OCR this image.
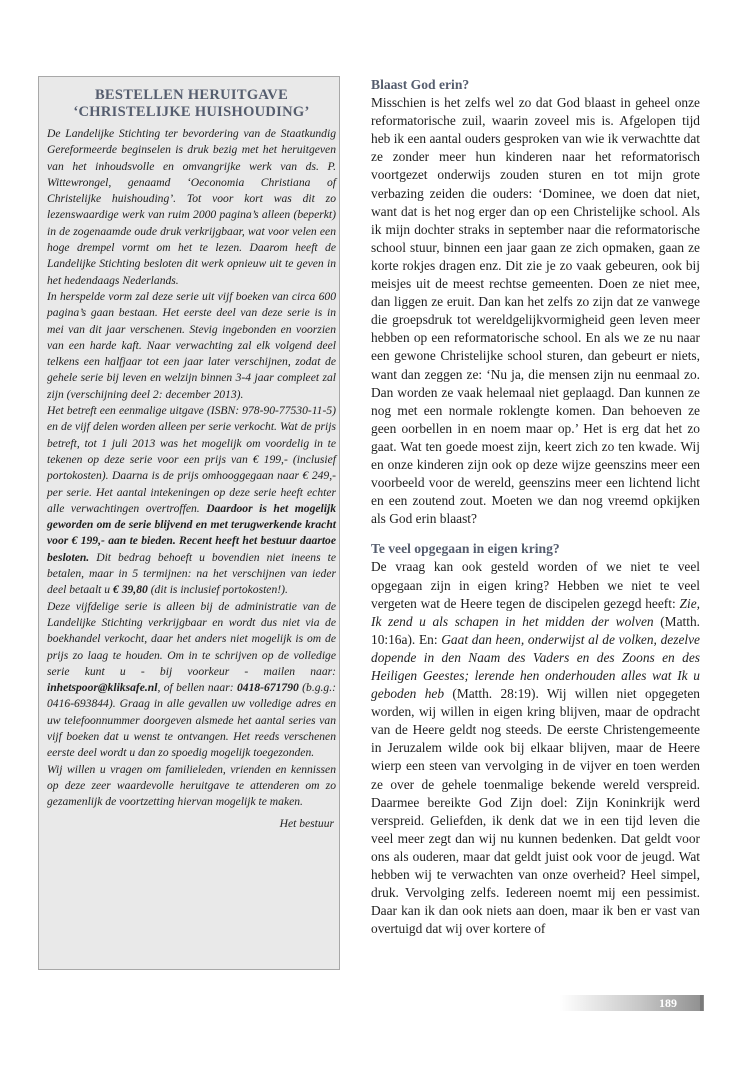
BESTELLEN HERUITGAVE
‘CHRISTELIJKE HUISHOUDING’

De Landelijke Stichting ter bevordering van de Staatkundig Gereformeerde beginselen is druk bezig met het heruitgeven van het inhoudsvolle en omvangrijke werk van ds. P. Wittewrongel, genaamd ‘Oeconomia Christiana of Christelijke huishouding’. Tot voor kort was dit zo lezenswaardige werk van ruim 2000 pagina’s alleen (beperkt) in de zogenaamde oude druk verkrijgbaar, wat voor velen een hoge drempel vormt om het te lezen. Daarom heeft de Landelijke Stichting besloten dit werk opnieuw uit te geven in het hedendaags Nederlands.

In herspelde vorm zal deze serie uit vijf boeken van circa 600 pagina’s gaan bestaan. Het eerste deel van deze serie is in mei van dit jaar verschenen. Stevig ingebonden en voorzien van een harde kaft. Naar verwachting zal elk volgend deel telkens een halfjaar tot een jaar later verschijnen, zodat de gehele serie bij leven en welzijn binnen 3-4 jaar compleet zal zijn (verschijning deel 2: december 2013).

Het betreft een eenmalige uitgave (ISBN: 978-90-77530-11-5) en de vijf delen worden alleen per serie verkocht. Wat de prijs betreft, tot 1 juli 2013 was het mogelijk om voordelig in te tekenen op deze serie voor een prijs van € 199,- (inclusief portokosten). Daarna is de prijs omhooggegaan naar € 249,- per serie. Het aantal intekeningen op deze serie heeft echter alle verwachtingen overtroffen. Daardoor is het mogelijk geworden om de serie blijvend en met terugwerkende kracht voor € 199,- aan te bieden. Recent heeft het bestuur daartoe besloten. Dit bedrag behoeft u bovendien niet ineens te betalen, maar in 5 termijnen: na het verschijnen van ieder deel betaalt u € 39,80 (dit is inclusief portokosten!).

Deze vijfdelige serie is alleen bij de administratie van de Landelijke Stichting verkrijgbaar en wordt dus niet via de boekhandel verkocht, daar het anders niet mogelijk is om de prijs zo laag te houden. Om in te schrijven op de volledige serie kunt u - bij voorkeur - mailen naar: inhetspoor@kliksafe.nl, of bellen naar: 0418-671790 (b.g.g.: 0416-693844). Graag in alle gevallen uw volledige adres en uw telefoonnummer doorgeven alsmede het aantal series van vijf boeken dat u wenst te ontvangen. Het reeds verschenen eerste deel wordt u dan zo spoedig mogelijk toegezonden.

Wij willen u vragen om familieleden, vrienden en kennissen op deze zeer waardevolle heruitgave te attenderen om zo gezamenlijk de voortzetting hiervan mogelijk te maken.

Het bestuur
Blaast God erin?

Misschien is het zelfs wel zo dat God blaast in geheel onze reformatorische zuil, waarin zoveel mis is. Afgelopen tijd heb ik een aantal ouders gesproken van wie ik verwachtte dat ze zonder meer hun kinderen naar het reformatorisch voortgezet onderwijs zouden sturen en tot mijn grote verbazing zeiden die ouders: ‘Dominee, we doen dat niet, want dat is het nog erger dan op een Christelijke school. Als ik mijn dochter straks in september naar die reformatorische school stuur, binnen een jaar gaan ze zich opmaken, gaan ze korte rokjes dragen enz. Dit zie je zo vaak gebeuren, ook bij meisjes uit de meest rechtse gemeenten. Doen ze niet mee, dan liggen ze eruit. Dan kan het zelfs zo zijn dat ze vanwege die groepsdruk tot wereldgelijkvormigheid geen leven meer hebben op een reformatorische school. En als we ze nu naar een gewone Christelijke school sturen, dan gebeurt er niets, want dan zeggen ze: ‘Nu ja, die mensen zijn nu eenmaal zo. Dan worden ze vaak helemaal niet geplaagd. Dan kunnen ze nog met een normale roklengte komen. Dan behoeven ze geen oorbellen in en noem maar op.’ Het is erg dat het zo gaat. Wat ten goede moest zijn, keert zich zo ten kwade. Wij en onze kinderen zijn ook op deze wijze geenszins meer een voorbeeld voor de wereld, geenszins meer een lichtend licht en een zoutend zout. Moeten we dan nog vreemd opkijken als God erin blaast?

Te veel opgegaan in eigen kring?

De vraag kan ook gesteld worden of we niet te veel opgegaan zijn in eigen kring? Hebben we niet te veel vergeten wat de Heere tegen de discipelen gezegd heeft: Zie, Ik zend u als schapen in het midden der wolven (Matth. 10:16a). En: Gaat dan heen, onderwijst al de volken, dezelve dopende in den Naam des Vaders en des Zoons en des Heiligen Geestes; lerende hen onderhouden alles wat Ik u geboden heb (Matth. 28:19). Wij willen niet opgegeten worden, wij willen in eigen kring blijven, maar de opdracht van de Heere geldt nog steeds. De eerste Christengemeente in Jeruzalem wilde ook bij elkaar blijven, maar de Heere wierp een steen van vervolging in de vijver en toen werden ze over de gehele toenmalige bekende wereld verspreid. Daarmee bereikte God Zijn doel: Zijn Koninkrijk werd verspreid. Geliefden, ik denk dat we in een tijd leven die veel meer zegt dan wij nu kunnen bedenken. Dat geldt voor ons als ouderen, maar dat geldt juist ook voor de jeugd. Wat hebben wij te verwachten van onze overheid? Heel simpel, druk. Vervolging zelfs. Iedereen noemt mij een pessimist. Daar kan ik dan ook niets aan doen, maar ik ben er vast van overtuigd dat wij over kortere of

189
